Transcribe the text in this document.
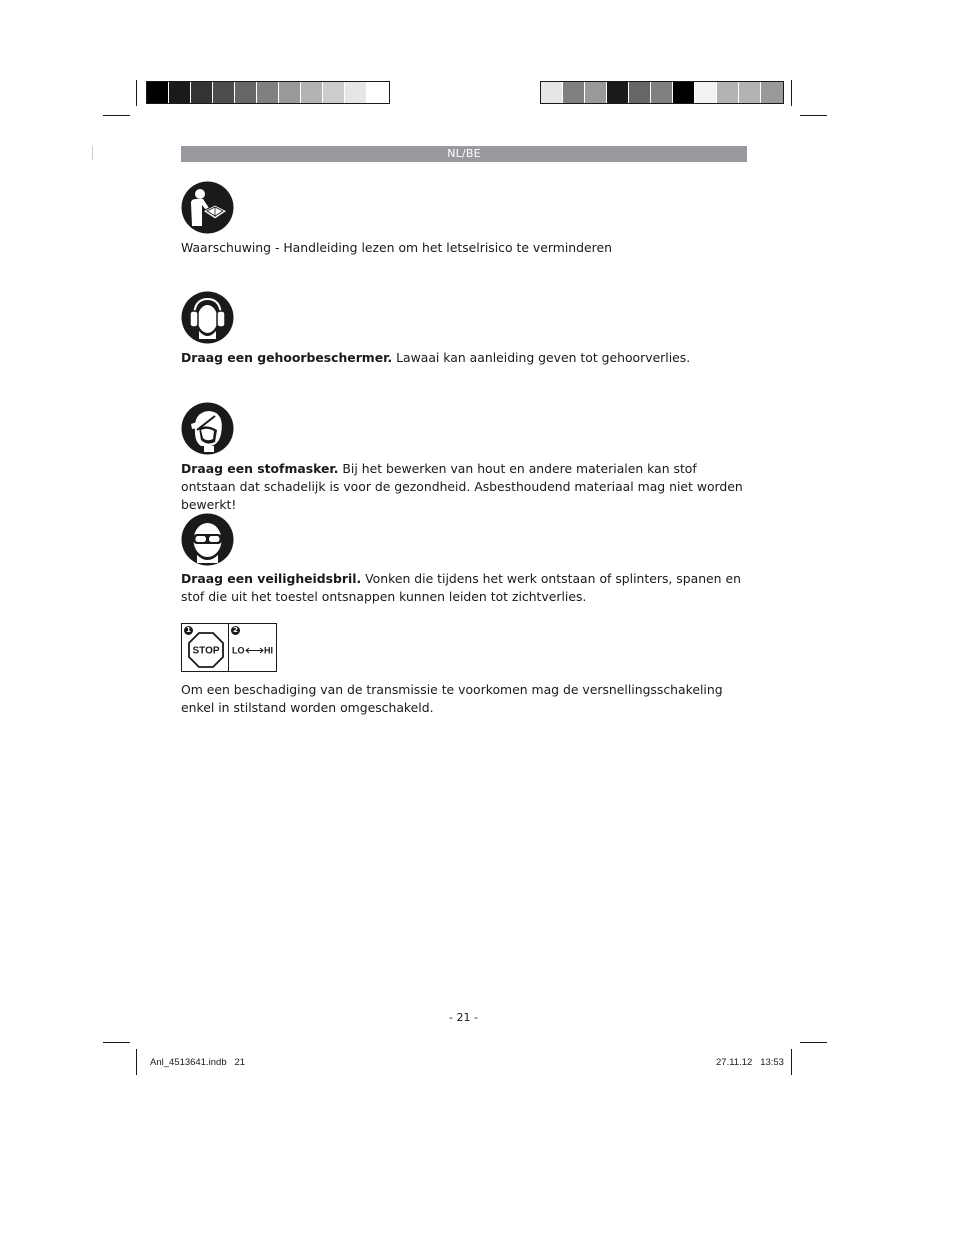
NL/BE
Waarschuwing - Handleiding lezen om het letselrisico te verminderen
Draag een gehoorbeschermer. Lawaai kan aanleiding geven tot gehoorverlies.
Draag een stofmasker. Bij het bewerken van hout en andere materialen kan stof ontstaan dat schadelijk is voor de gezondheid. Asbesthoudend materiaal mag niet worden bewerkt!
Draag een veiligheidsbril. Vonken die tijdens het werk ontstaan of splinters, spanen en stof die uit het toestel ontsnappen kunnen leiden tot zichtverlies.
1
STOP
2
LO HI
Om een beschadiging van de transmissie te voorkomen mag de versnellingsschakeling enkel in stilstand worden omgeschakeld.
- 21 -
Anl_4513641.indb   21	27.11.12   13:53
